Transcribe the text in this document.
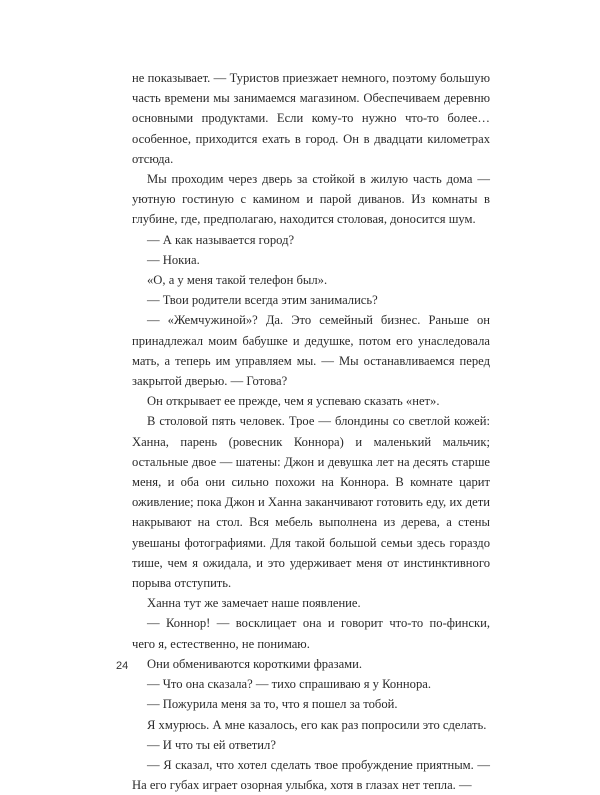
не показывает. — Туристов приезжает немного, поэтому большую часть времени мы занимаемся магазином. Обеспечиваем деревню основными продуктами. Если кому-то нужно что-то более… особенное, приходится ехать в город. Он в двадцати километрах отсюда.

Мы проходим через дверь за стойкой в жилую часть дома — уютную гостиную с камином и парой диванов. Из комнаты в глубине, где, предполагаю, находится столовая, доносится шум.

— А как называется город?

— Нокиа.

«О, а у меня такой телефон был».

— Твои родители всегда этим занимались?

— «Жемчужиной»? Да. Это семейный бизнес. Раньше он принадлежал моим бабушке и дедушке, потом его унаследовала мать, а теперь им управляем мы. — Мы останавливаемся перед закрытой дверью. — Готова?

Он открывает ее прежде, чем я успеваю сказать «нет».

В столовой пять человек. Трое — блондины со светлой кожей: Ханна, парень (ровесник Коннора) и маленький мальчик; остальные двое — шатены: Джон и девушка лет на десять старше меня, и оба они сильно похожи на Коннора. В комнате царит оживление; пока Джон и Ханна заканчивают готовить еду, их дети накрывают на стол. Вся мебель выполнена из дерева, а стены увешаны фотографиями. Для такой большой семьи здесь гораздо тише, чем я ожидала, и это удерживает меня от инстинктивного порыва отступить.

Ханна тут же замечает наше появление.

— Коннор! — восклицает она и говорит что-то по-фински, чего я, естественно, не понимаю.

Они обмениваются короткими фразами.

— Что она сказала? — тихо спрашиваю я у Коннора.

— Пожурила меня за то, что я пошел за тобой.

Я хмурюсь. А мне казалось, его как раз попросили это сделать.

— И что ты ей ответил?

— Я сказал, что хотел сделать твое пробуждение приятным. — На его губах играет озорная улыбка, хотя в глазах нет тепла. —

24
